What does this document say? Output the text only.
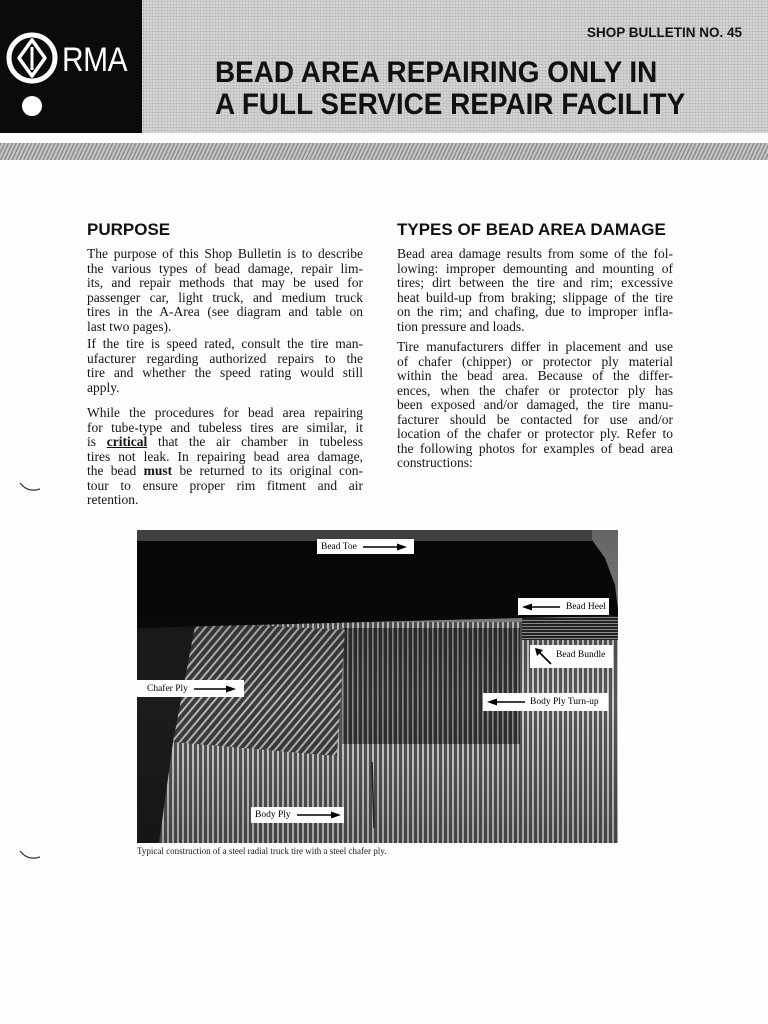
RMA
SHOP BULLETIN NO. 45
BEAD AREA REPAIRING ONLY IN
A FULL SERVICE REPAIR FACILITY
PURPOSE
The purpose of this Shop Bulletin is to describe
the various types of bead damage, repair lim-
its, and repair methods that may be used for
passenger car, light truck, and medium truck
tires in the A-Area (see diagram and table on
last two pages).
If the tire is speed rated, consult the tire man-
ufacturer regarding authorized repairs to the
tire and whether the speed rating would still
apply.
While the procedures for bead area repairing
for tube-type and tubeless tires are similar, it
is critical that the air chamber in tubeless
tires not leak. In repairing bead area damage,
the bead must be returned to its original con-
tour to ensure proper rim fitment and air
retention.
TYPES OF BEAD AREA DAMAGE
Bead area damage results from some of the fol-
lowing: improper demounting and mounting of
tires; dirt between the tire and rim; excessive
heat build-up from braking; slippage of the tire
on the rim; and chafing, due to improper infla-
tion pressure and loads.
Tire manufacturers differ in placement and use
of chafer (chipper) or protector ply material
within the bead area. Because of the differ-
ences, when the chafer or protector ply has
been exposed and/or damaged, the tire manu-
facturer should be contacted for use and/or
location of the chafer or protector ply. Refer to
the following photos for examples of bead area
constructions:
Bead Toe
Bead Heel
Bead Bundle
Chafer Ply
Body Ply Turn-up
Body Ply
Typical construction of a steel radial truck tire with a steel chafer ply.
